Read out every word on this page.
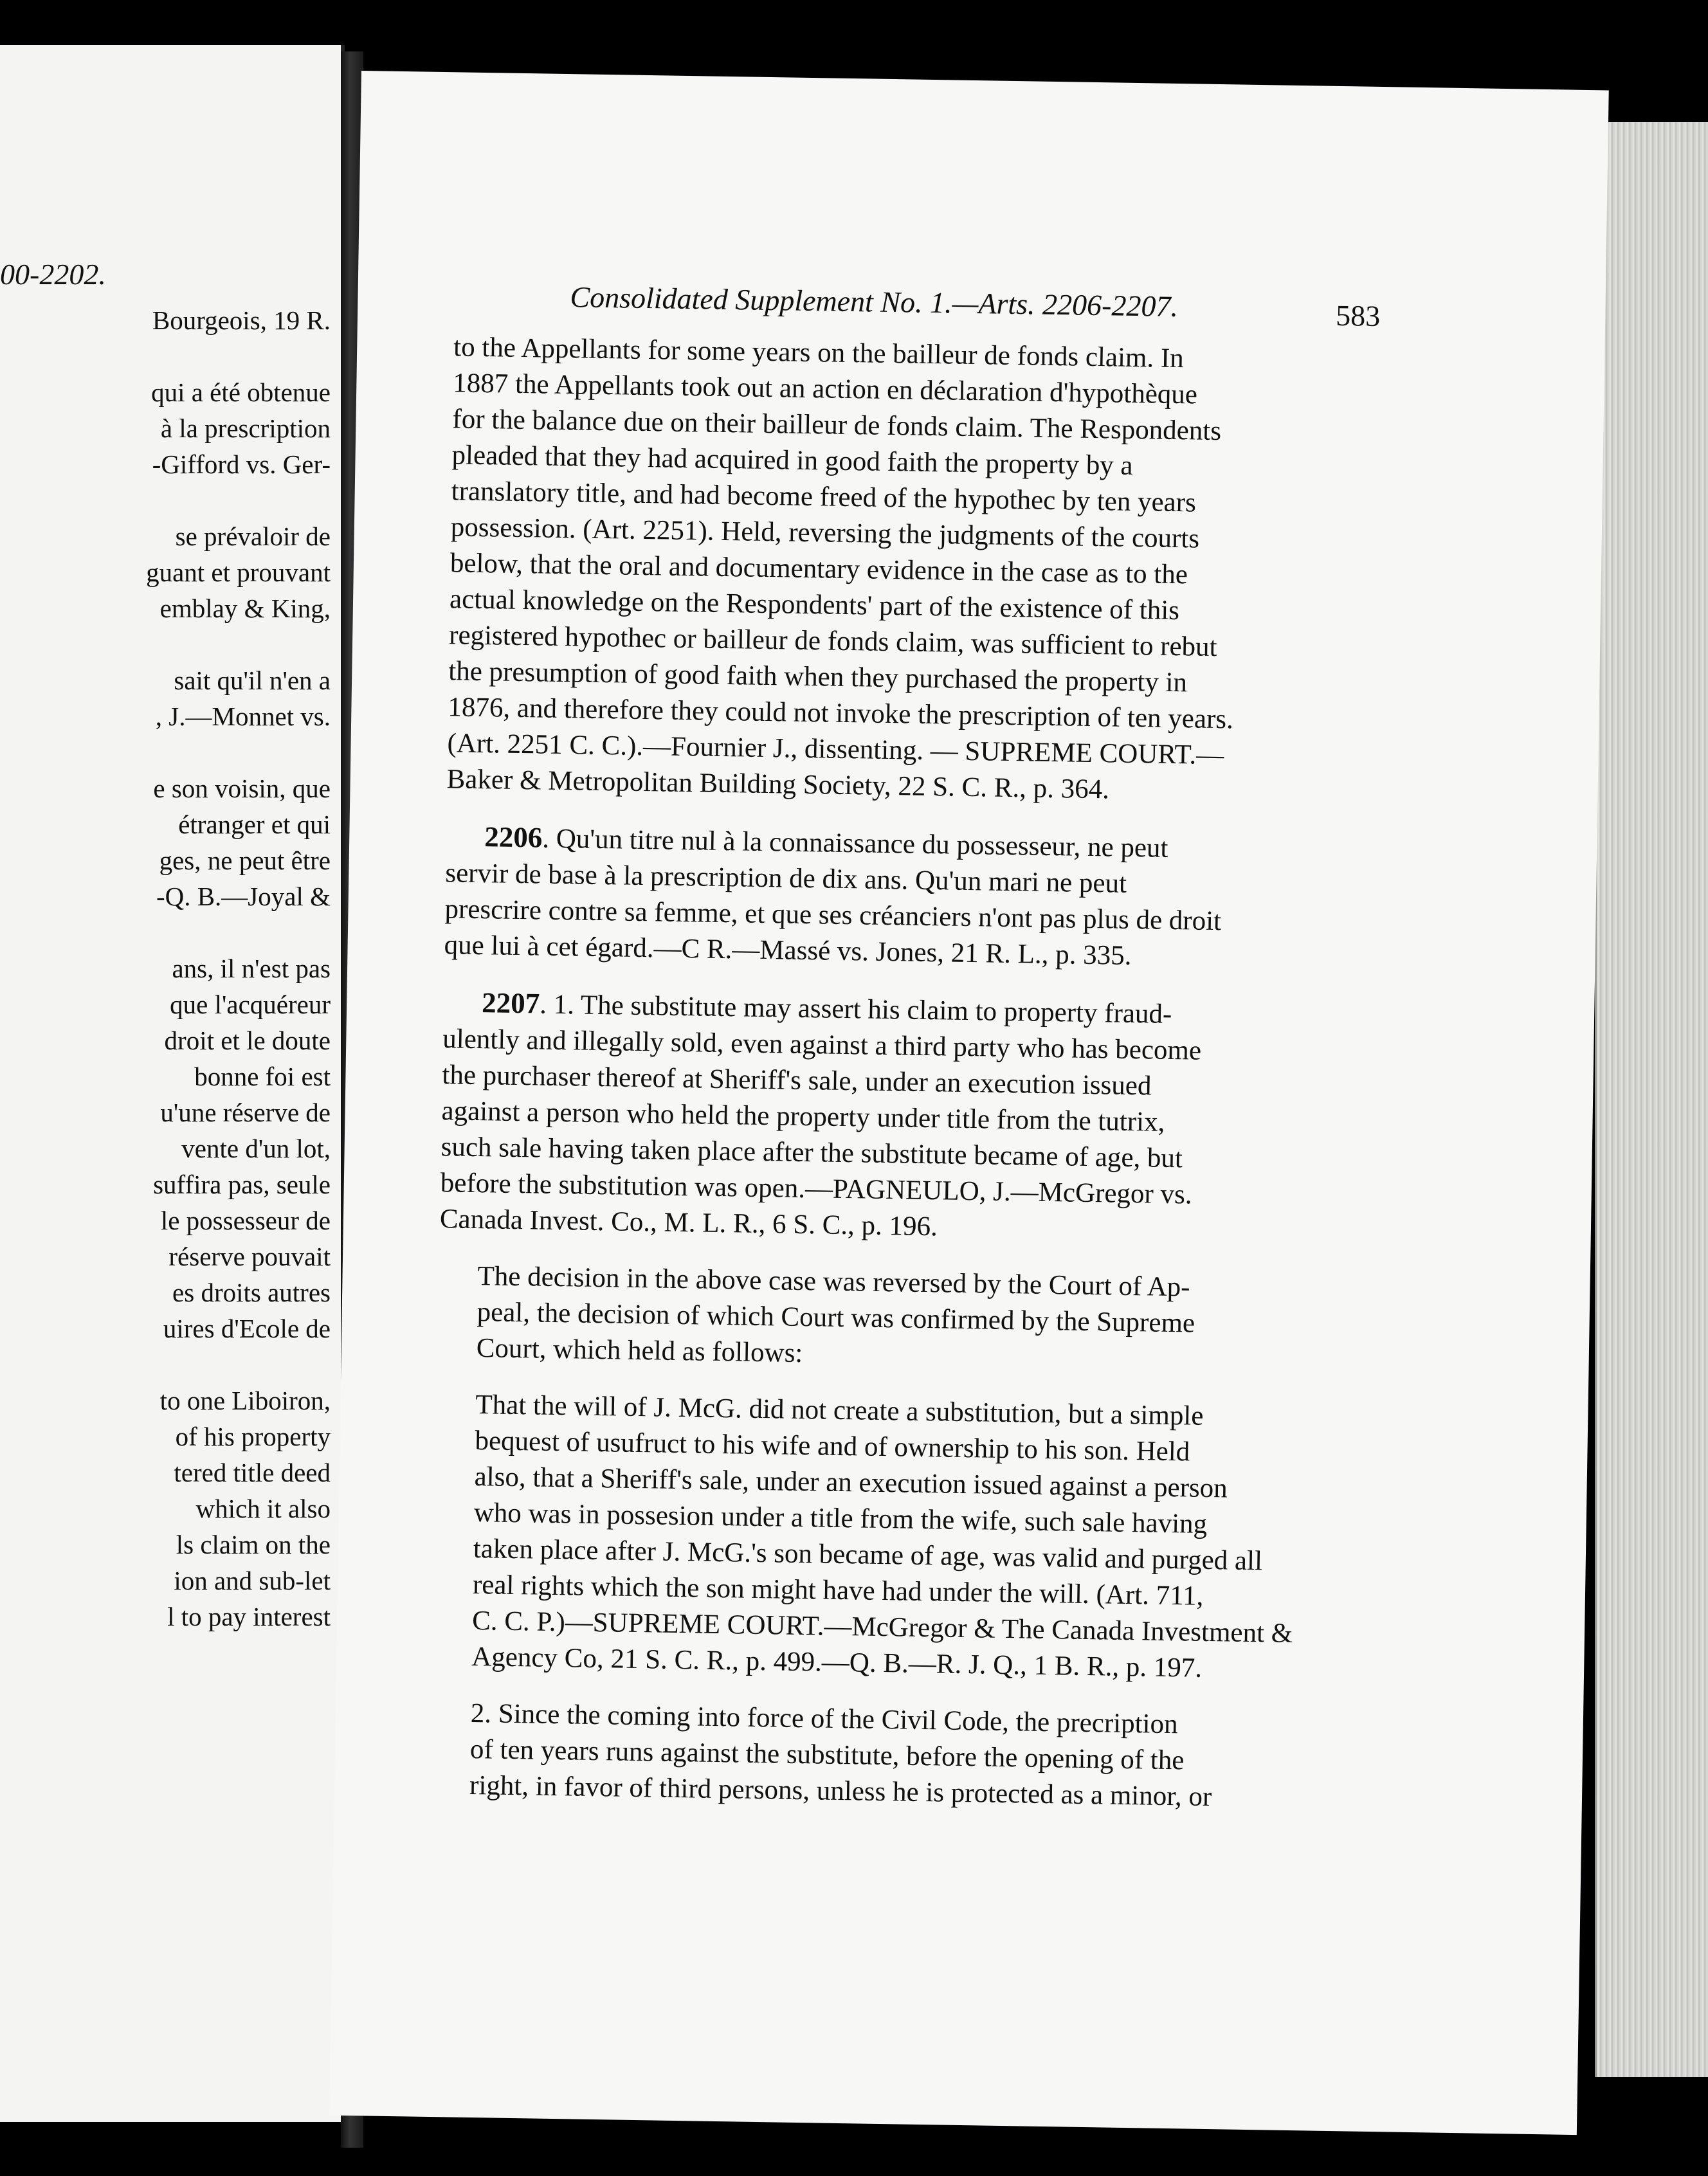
00-2202.
Bourgeois, 19 R.
qui a été obtenue
à la prescription
-Gifford vs. Ger-
se prévaloir de
guant et prouvant
emblay & King,
sait qu'il n'en a
, J.—Monnet vs.
e son voisin, que
étranger et qui
ges, ne peut être
-Q. B.—Joyal &
ans, il n'est pas
que l'acquéreur
droit et le doute
bonne foi est
u'une réserve de
vente d'un lot,
suffira pas, seule
le possesseur de
réserve pouvait
es droits autres
uires d'Ecole de
to one Liboiron,
of his property
tered title deed
which it also
ls claim on the
ion and sub-let
l to pay interest
Consolidated Supplement No. 1.—Arts. 2206-2207.	583

to the Appellants for some years on the bailleur de fonds claim. In
1887 the Appellants took out an action en déclaration d'hypothèque
for the balance due on their bailleur de fonds claim. The Respondents
pleaded that they had acquired in good faith the property by a
translatory title, and had become freed of the hypothec by ten years
possession. (Art. 2251). Held, reversing the judgments of the courts
below, that the oral and documentary evidence in the case as to the
actual knowledge on the Respondents' part of the existence of this
registered hypothec or bailleur de fonds claim, was sufficient to rebut
the presumption of good faith when they purchased the property in
1876, and therefore they could not invoke the prescription of ten years.
(Art. 2251 C. C.).—Fournier J., dissenting. — SUPREME COURT.—
Baker & Metropolitan Building Society, 22 S. C. R., p. 364.

2206. Qu'un titre nul à la connaissance du possesseur, ne peut
servir de base à la prescription de dix ans. Qu'un mari ne peut
prescrire contre sa femme, et que ses créanciers n'ont pas plus de droit
que lui à cet égard.—C R.—Massé vs. Jones, 21 R. L., p. 335.

2207. 1. The substitute may assert his claim to property fraud-
ulently and illegally sold, even against a third party who has become
the purchaser thereof at Sheriff's sale, under an execution issued
against a person who held the property under title from the tutrix,
such sale having taken place after the substitute became of age, but
before the substitution was open.—PAGNEULO, J.—McGregor vs.
Canada Invest. Co., M. L. R., 6 S. C., p. 196.

The decision in the above case was reversed by the Court of Ap-
peal, the decision of which Court was confirmed by the Supreme
Court, which held as follows:

That the will of J. McG. did not create a substitution, but a simple
bequest of usufruct to his wife and of ownership to his son. Held
also, that a Sheriff's sale, under an execution issued against a person
who was in possesion under a title from the wife, such sale having
taken place after J. McG.'s son became of age, was valid and purged all
real rights which the son might have had under the will. (Art. 711,
C. C. P.)—SUPREME COURT.—McGregor & The Canada Investment &
Agency Co, 21 S. C. R., p. 499.—Q. B.—R. J. Q., 1 B. R., p. 197.

2. Since the coming into force of the Civil Code, the precription
of ten years runs against the substitute, before the opening of the
right, in favor of third persons, unless he is protected as a minor, or
